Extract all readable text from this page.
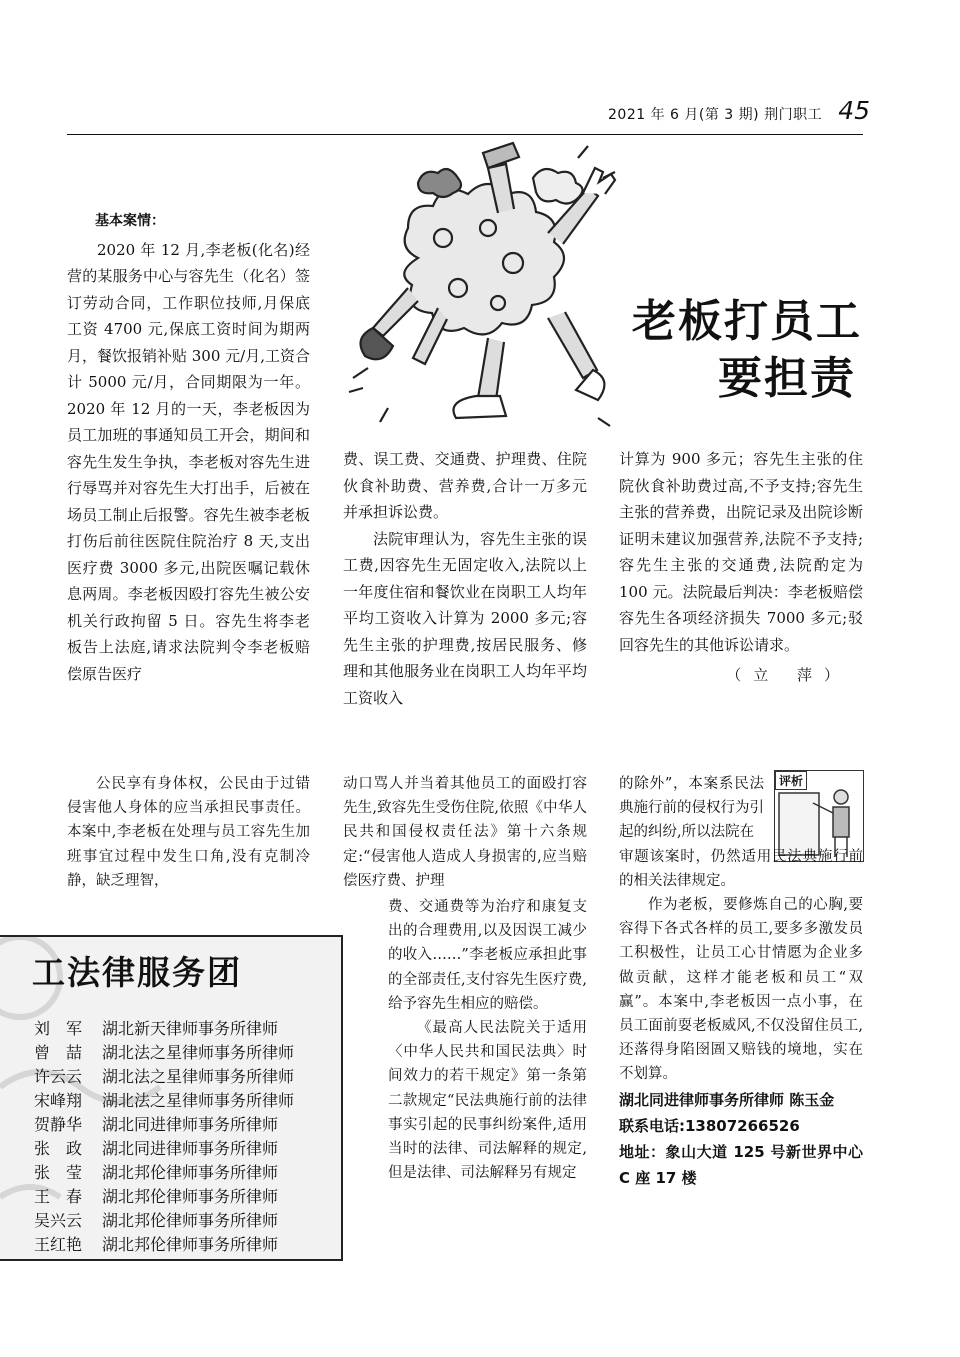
2021 年 6 月(第 3 期) 荆门职工 45
基本案情：

2020 年 12 月,李老板(化名)经营的某服务中心与容先生（化名）签订劳动合同，工作职位技师,月保底工资 4700 元,保底工资时间为期两月，餐饮报销补贴 300 元/月,工资合计 5000 元/月，合同期限为一年。2020 年 12 月的一天，李老板因为员工加班的事通知员工开会，期间和容先生发生争执，李老板对容先生进行辱骂并对容先生大打出手，后被在场员工制止后报警。容先生被李老板打伤后前往医院住院治疗 8 天,支出医疗费 3000 多元,出院医嘱记载休息两周。李老板因殴打容先生被公安机关行政拘留 5 日。容先生将李老板告上法庭,请求法院判令李老板赔偿原告医疗

老板打员工
要担责

费、误工费、交通费、护理费、住院伙食补助费、营养费,合计一万多元并承担诉讼费。

法院审理认为，容先生主张的误工费,因容先生无固定收入,法院以上一年度住宿和餐饮业在岗职工人均年平均工资收入计算为 2000 多元;容先生主张的护理费,按居民服务、修理和其他服务业在岗职工人均年平均工资收入

计算为 900 多元；容先生主张的住院伙食补助费过高,不予支持;容先生主张的营养费，出院记录及出院诊断证明未建议加强营养,法院不予支持;容先生主张的交通费,法院酌定为 100 元。法院最后判决：李老板赔偿容先生各项经济损失 7000 多元;驳回容先生的其他诉讼请求。

（立 萍）

公民享有身体权，公民由于过错侵害他人身体的应当承担民事责任。本案中,李老板在处理与员工容先生加班事宜过程中发生口角,没有克制冷静，缺乏理智，

工法律服务团
刘　军	湖北新天律师事务所律师
曾　喆	湖北法之星律师事务所律师
许云云	湖北法之星律师事务所律师
宋峰翔	湖北法之星律师事务所律师
贺静华	湖北同进律师事务所律师
张　政	湖北同进律师事务所律师
张　莹	湖北邦伦律师事务所律师
王　春	湖北邦伦律师事务所律师
吴兴云	湖北邦伦律师事务所律师
王红艳	湖北邦伦律师事务所律师

动口骂人并当着其他员工的面殴打容先生,致容先生受伤住院,依照《中华人民共和国侵权责任法》第十六条规定:“侵害他人造成人身损害的,应当赔偿医疗费、护理

费、交通费等为治疗和康复支出的合理费用,以及因误工减少的收入……”李老板应承担此事的全部责任,支付容先生医疗费,给予容先生相应的赔偿。

《最高人民法院关于适用〈中华人民共和国民法典〉时间效力的若干规定》第一条第二款规定“民法典施行前的法律事实引起的民事纠纷案件,适用当时的法律、司法解释的规定,但是法律、司法解释另有规定

评析

的除外”，本案系民法典施行前的侵权行为引起的纠纷,所以法院在

审题该案时，仍然适用民法典施行前的相关法律规定。

作为老板，要修炼自己的心胸,要容得下各式各样的员工,要多多激发员工积极性，让员工心甘情愿为企业多做贡献，这样才能老板和员工“双赢”。本案中,李老板因一点小事，在员工面前耍老板威风,不仅没留住员工,还落得身陷囹圄又赔钱的境地，实在不划算。

湖北同进律师事务所律师 陈玉金

联系电话:13807266526

地址：象山大道 125 号新世界中心 C 座 17 楼
